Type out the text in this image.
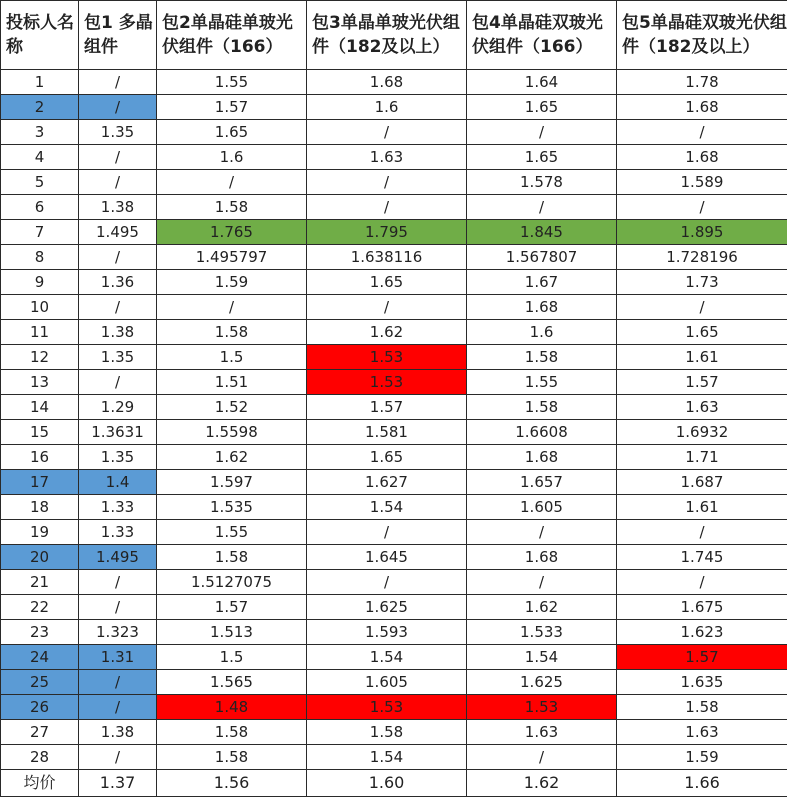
投标人名称	包1 多晶组件	包2单晶硅单玻光伏组件（166）	包3单晶单玻光伏组件（182及以上）	包4单晶硅双玻光伏组件（166）	包5单晶硅双玻光伏组件（182及以上）
1	/	1.55	1.68	1.64	1.78
2	/	1.57	1.6	1.65	1.68
3	1.35	1.65	/	/	/
4	/	1.6	1.63	1.65	1.68
5	/	/	/	1.578	1.589
6	1.38	1.58	/	/	/
7	1.495	1.765	1.795	1.845	1.895
8	/	1.495797	1.638116	1.567807	1.728196
9	1.36	1.59	1.65	1.67	1.73
10	/	/	/	1.68	/
11	1.38	1.58	1.62	1.6	1.65
12	1.35	1.5	1.53	1.58	1.61
13	/	1.51	1.53	1.55	1.57
14	1.29	1.52	1.57	1.58	1.63
15	1.3631	1.5598	1.581	1.6608	1.6932
16	1.35	1.62	1.65	1.68	1.71
17	1.4	1.597	1.627	1.657	1.687
18	1.33	1.535	1.54	1.605	1.61
19	1.33	1.55	/	/	/
20	1.495	1.58	1.645	1.68	1.745
21	/	1.5127075	/	/	/
22	/	1.57	1.625	1.62	1.675
23	1.323	1.513	1.593	1.533	1.623
24	1.31	1.5	1.54	1.54	1.57
25	/	1.565	1.605	1.625	1.635
26	/	1.48	1.53	1.53	1.58
27	1.38	1.58	1.58	1.63	1.63
28	/	1.58	1.54	/	1.59
均价	1.37	1.56	1.60	1.62	1.66
